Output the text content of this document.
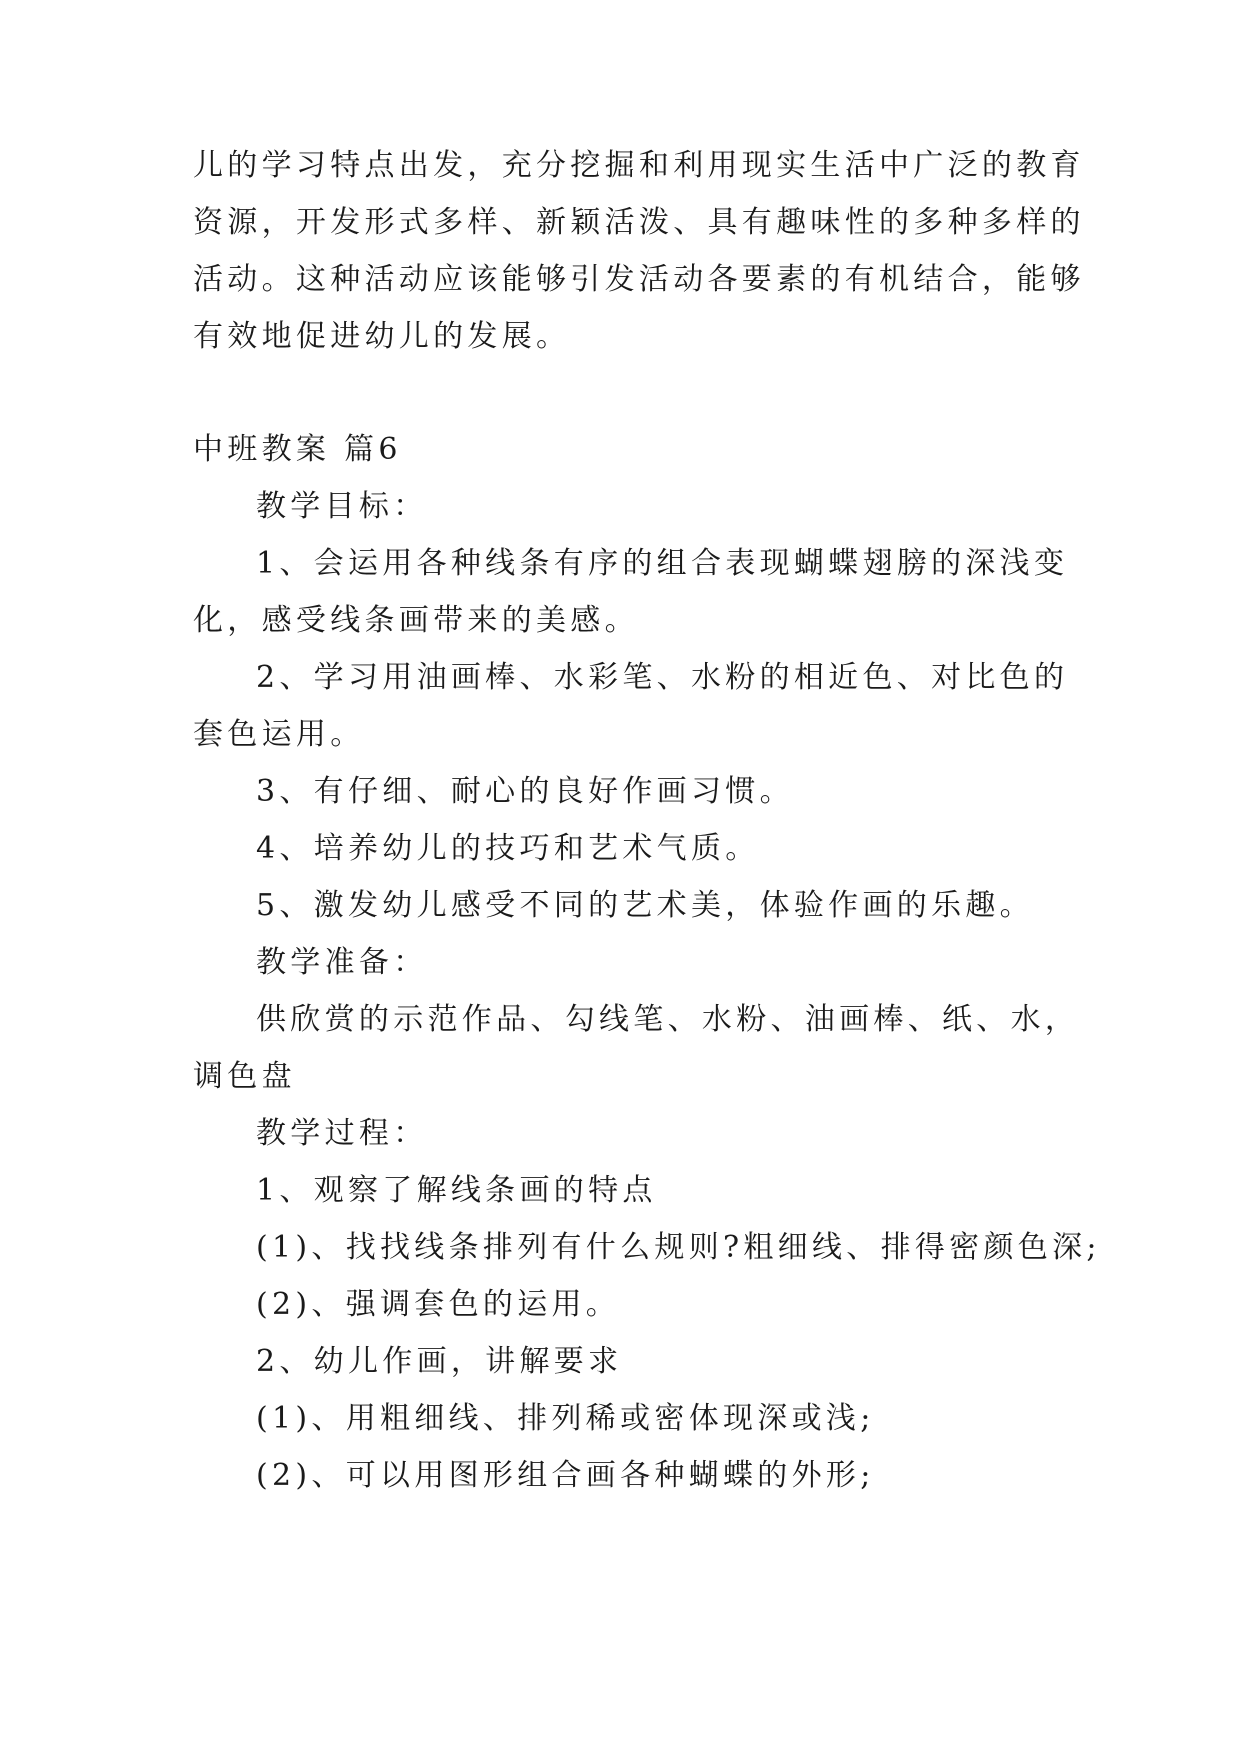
儿的学习特点出发，充分挖掘和利用现实生活中广泛的教育
资源，开发形式多样、新颖活泼、具有趣味性的多种多样的
活动。这种活动应该能够引发活动各要素的有机结合，能够
有效地促进幼儿的发展。
中班教案 篇6
教学目标：
1、会运用各种线条有序的组合表现蝴蝶翅膀的深浅变
化，感受线条画带来的美感。
2、学习用油画棒、水彩笔、水粉的相近色、对比色的
套色运用。
3、有仔细、耐心的良好作画习惯。
4、培养幼儿的技巧和艺术气质。
5、激发幼儿感受不同的艺术美，体验作画的乐趣。
教学准备：
供欣赏的示范作品、勾线笔、水粉、油画棒、纸、水，
调色盘
教学过程：
1、观察了解线条画的特点
(1)、找找线条排列有什么规则?粗细线、排得密颜色深;
(2)、强调套色的运用。
2、幼儿作画，讲解要求
(1)、用粗细线、排列稀或密体现深或浅;
(2)、可以用图形组合画各种蝴蝶的外形;
